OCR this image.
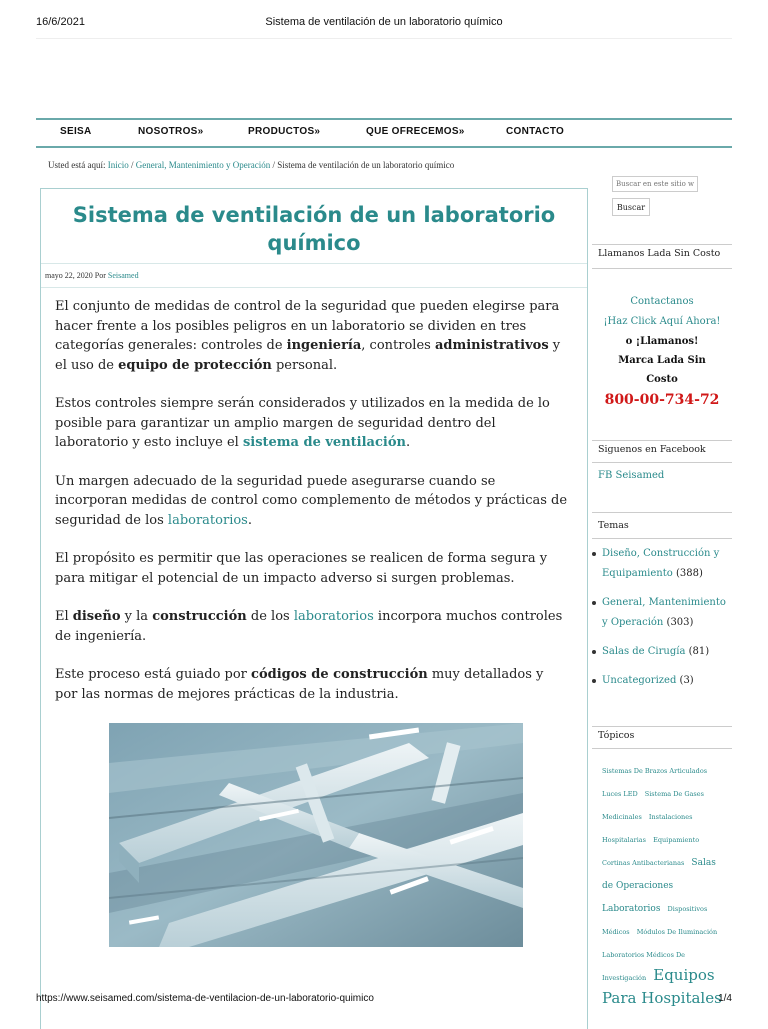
16/6/2021	Sistema de ventilación de un laboratorio químico
SEISA	NOSOTROS»	PRODUCTOS»	QUE OFRECEMOS»	CONTACTO
Usted está aquí: Inicio / General, Mantenimiento y Operación / Sistema de ventilación de un laboratorio químico
Sistema de ventilación de un laboratorio químico
mayo 22, 2020 Por Seisamed

El conjunto de medidas de control de la seguridad que pueden elegirse para hacer frente a los posibles peligros en un laboratorio se dividen en tres categorías generales: controles de ingeniería, controles administrativos y el uso de equipo de protección personal.

Estos controles siempre serán considerados y utilizados en la medida de lo posible para garantizar un amplio margen de seguridad dentro del laboratorio y esto incluye el sistema de ventilación.

Un margen adecuado de la seguridad puede asegurarse cuando se incorporan medidas de control como complemento de métodos y prácticas de seguridad de los laboratorios.

El propósito es permitir que las operaciones se realicen de forma segura y para mitigar el potencial de un impacto adverso si surgen problemas.

El diseño y la construcción de los laboratorios incorpora muchos controles de ingeniería.

Este proceso está guiado por códigos de construcción muy detallados y por las normas de mejores prácticas de la industria.

Buscar en este sitio we
Buscar
Llamanos Lada Sin Costo
Contactanos
¡Haz Click Aquí Ahora!
o ¡Llamanos!
Marca Lada Sin
Costo
800-00-734-72
Siguenos en Facebook
FB Seisamed
Temas
Diseño, Construcción y Equipamiento (388)
General, Mantenimiento y Operación (303)
Salas de Cirugía (81)
Uncategorized (3)
Tópicos
Sistemas De Brazos Articulados Luces LED Sistema De Gases Medicinales Instalaciones Hospitalarias Equipamiento Cortinas Antibacterianas Salas de Operaciones Laboratorios Dispositivos Médicos Módulos De Iluminación Laboratorios Médicos De Investigación Equipos Para Hospitales
https://www.seisamed.com/sistema-de-ventilacion-de-un-laboratorio-quimico	1/4
